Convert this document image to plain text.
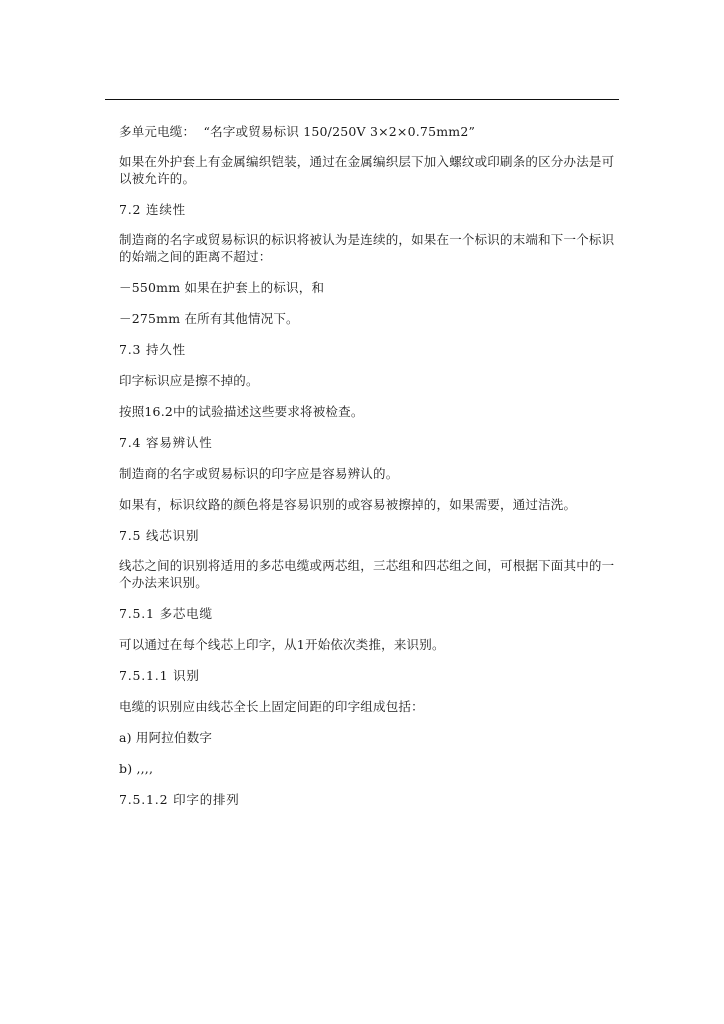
多单元电缆：  “名字或贸易标识 150/250V 3×2×0.75mm2”

如果在外护套上有金属编织铠装，通过在金属编织层下加入螺纹或印刷条的区分办法是可以被允许的。

7.2 连续性

制造商的名字或贸易标识的标识将被认为是连续的，如果在一个标识的末端和下一个标识的始端之间的距离不超过：

－550mm 如果在护套上的标识，和

－275mm 在所有其他情况下。

7.3 持久性

印字标识应是擦不掉的。

按照16.2中的试验描述这些要求将被检查。

7.4 容易辨认性

制造商的名字或贸易标识的印字应是容易辨认的。

如果有，标识纹路的颜色将是容易识别的或容易被擦掉的，如果需要，通过洁洗。

7.5 线芯识别

线芯之间的识别将适用的多芯电缆或两芯组，三芯组和四芯组之间，可根据下面其中的一个办法来识别。

7.5.1 多芯电缆

可以通过在每个线芯上印字，从1开始依次类推，来识别。

7.5.1.1 识别

电缆的识别应由线芯全长上固定间距的印字组成包括：

a) 用阿拉伯数字

b) ,,,,

7.5.1.2 印字的排列
